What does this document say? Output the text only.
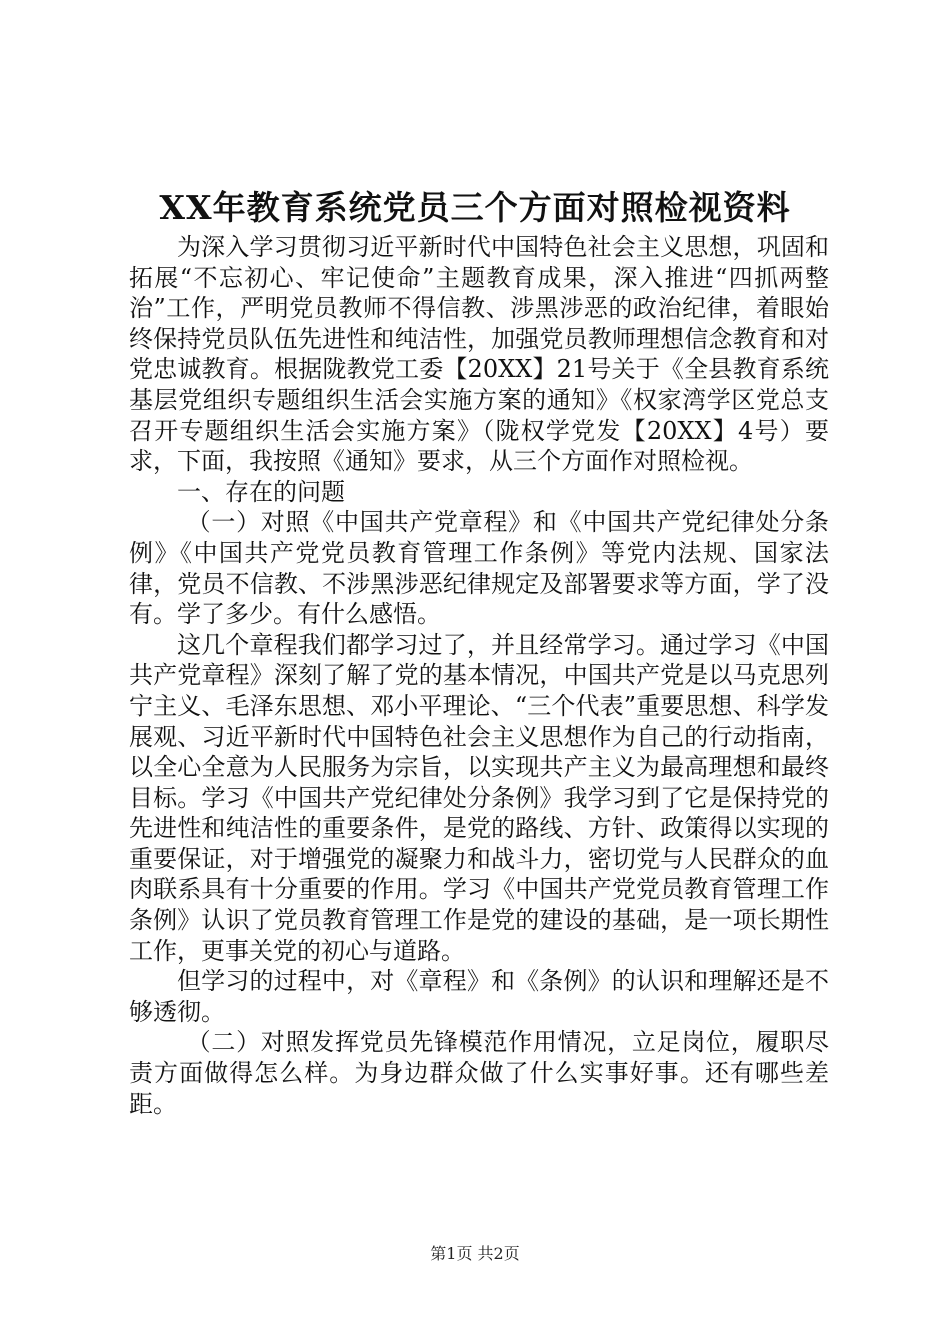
XX年教育系统党员三个方面对照检视资料

为深入学习贯彻习近平新时代中国特色社会主义思想，巩固和拓展“不忘初心、牢记使命”主题教育成果，深入推进“四抓两整治”工作，严明党员教师不得信教、涉黑涉恶的政治纪律，着眼始终保持党员队伍先进性和纯洁性，加强党员教师理想信念教育和对党忠诚教育。根据陇教党工委【20XX】21号关于《全县教育系统基层党组织专题组织生活会实施方案的通知》《权家湾学区党总支召开专题组织生活会实施方案》（陇权学党发【20XX】4号）要求，下面，我按照《通知》要求，从三个方面作对照检视。

一、存在的问题

（一）对照《中国共产党章程》和《中国共产党纪律处分条例》《中国共产党党员教育管理工作条例》等党内法规、国家法律，党员不信教、不涉黑涉恶纪律规定及部署要求等方面，学了没有。学了多少。有什么感悟。

这几个章程我们都学习过了，并且经常学习。通过学习《中国共产党章程》深刻了解了党的基本情况，中国共产党是以马克思列宁主义、毛泽东思想、邓小平理论、“三个代表”重要思想、科学发展观、习近平新时代中国特色社会主义思想作为自己的行动指南，以全心全意为人民服务为宗旨，以实现共产主义为最高理想和最终目标。学习《中国共产党纪律处分条例》我学习到了它是保持党的先进性和纯洁性的重要条件，是党的路线、方针、政策得以实现的重要保证，对于增强党的凝聚力和战斗力，密切党与人民群众的血肉联系具有十分重要的作用。学习《中国共产党党员教育管理工作条例》认识了党员教育管理工作是党的建设的基础，是一项长期性工作，更事关党的初心与道路。

但学习的过程中，对《章程》和《条例》的认识和理解还是不够透彻。

（二）对照发挥党员先锋模范作用情况，立足岗位，履职尽责方面做得怎么样。为身边群众做了什么实事好事。还有哪些差距。

第1页 共2页
